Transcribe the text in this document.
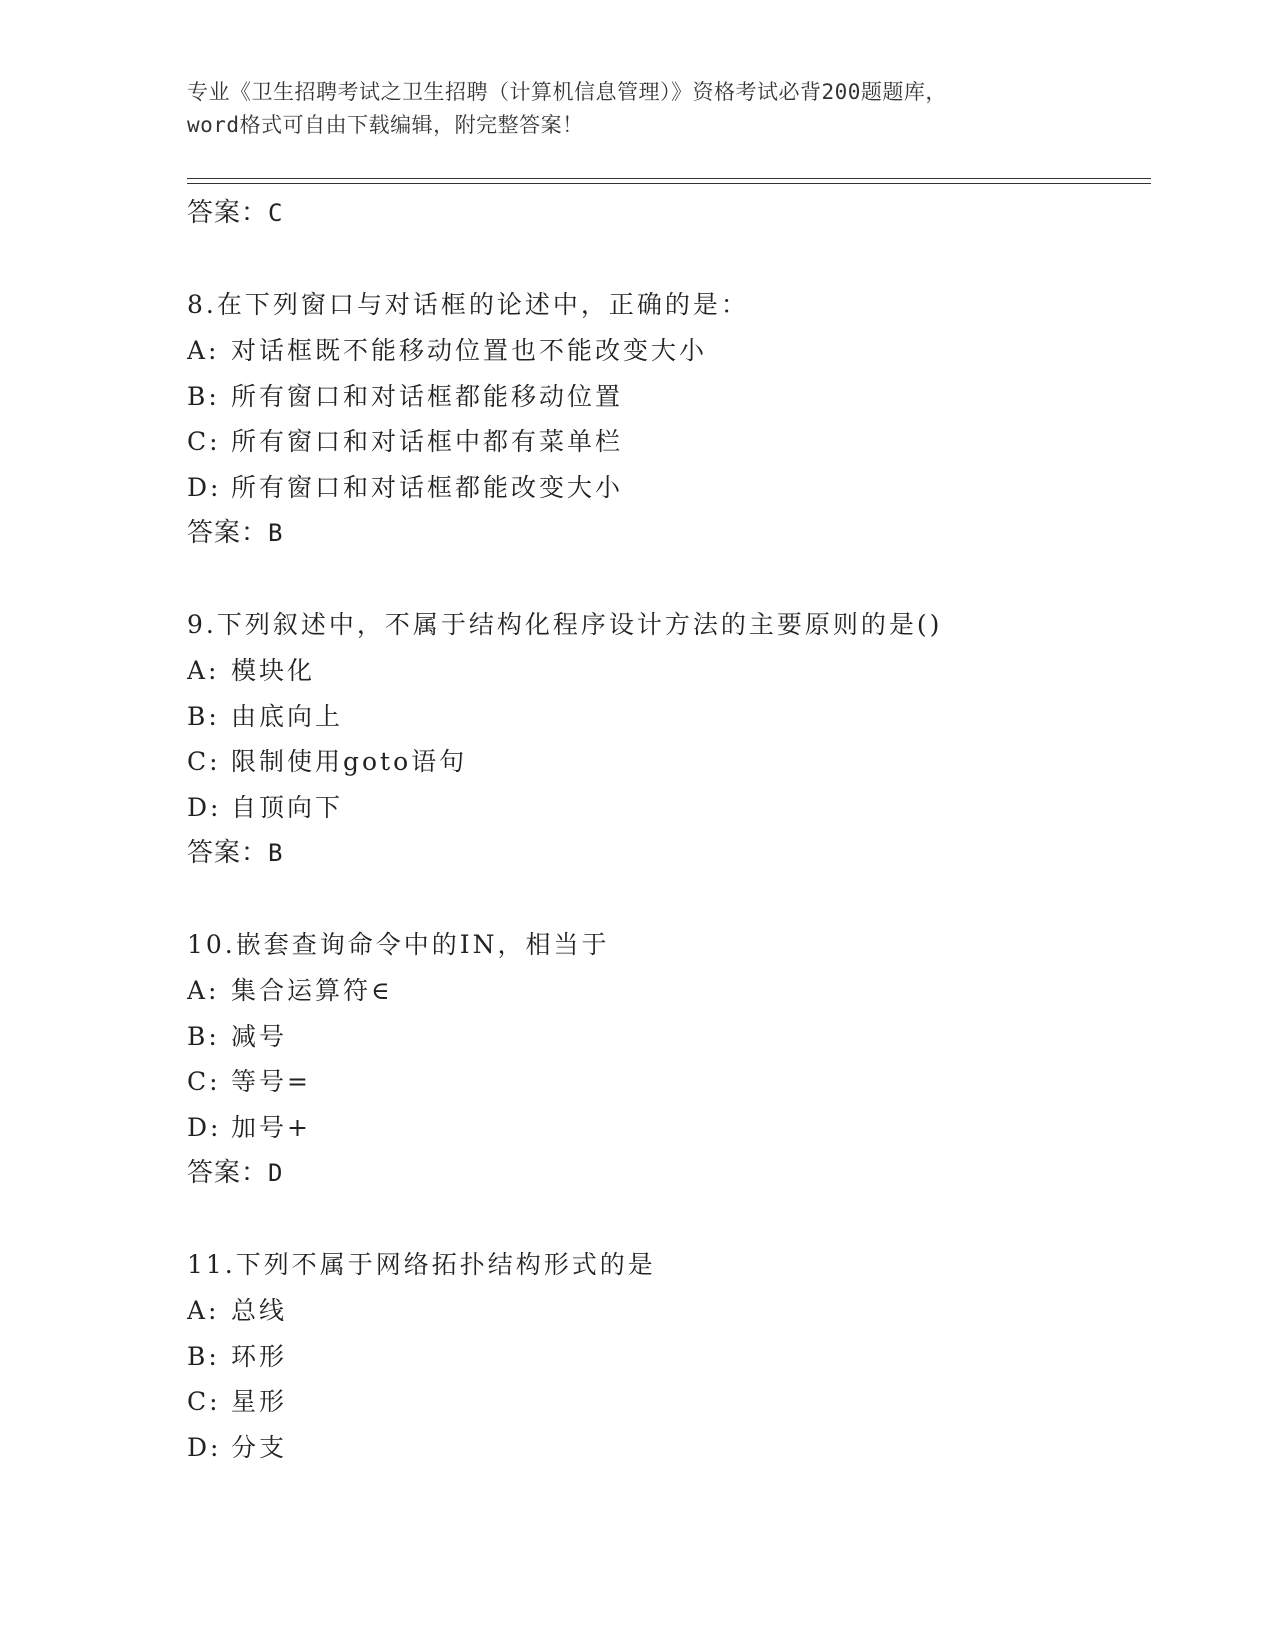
专业《卫生招聘考试之卫生招聘（计算机信息管理）》资格考试必背200题题库，
word格式可自由下载编辑，附完整答案！
答案：C
8.在下列窗口与对话框的论述中，正确的是：
A: 对话框既不能移动位置也不能改变大小
B: 所有窗口和对话框都能移动位置
C: 所有窗口和对话框中都有菜单栏
D: 所有窗口和对话框都能改变大小
答案：B
9.下列叙述中，不属于结构化程序设计方法的主要原则的是()
A: 模块化
B: 由底向上
C: 限制使用goto语句
D: 自顶向下
答案：B
10.嵌套查询命令中的IN，相当于
A: 集合运算符∈
B: 减号
C: 等号=
D: 加号+
答案：D
11.下列不属于网络拓扑结构形式的是
A: 总线
B: 环形
C: 星形
D: 分支
